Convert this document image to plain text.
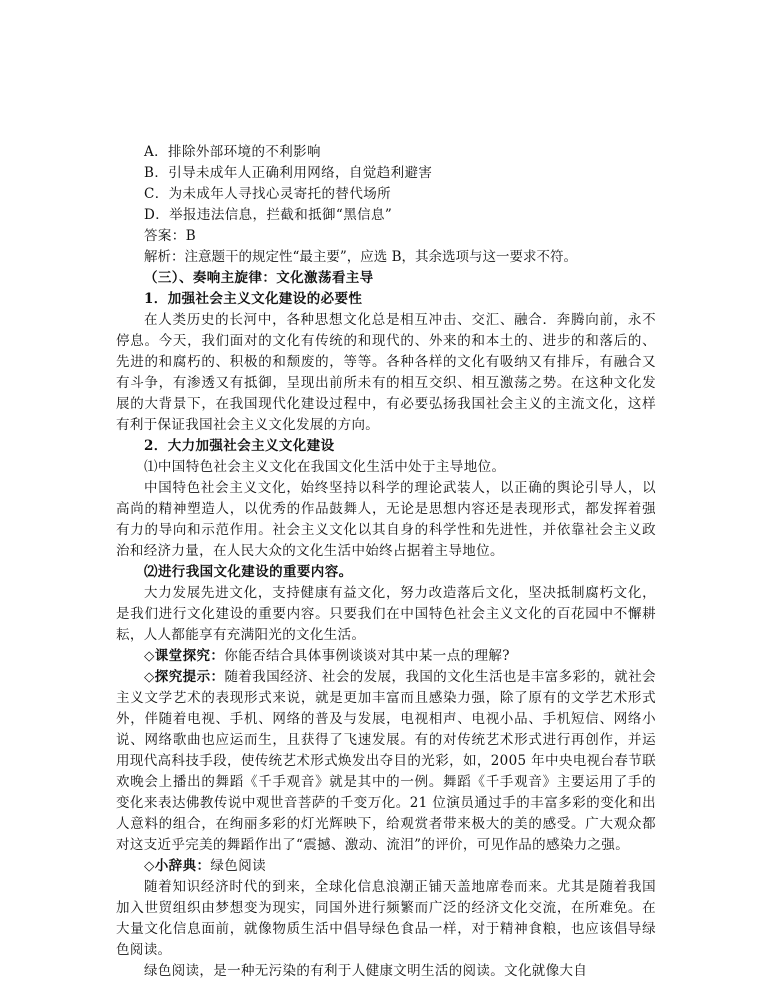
A．排除外部环境的不利影响

B．引导未成年人正确利用网络，自觉趋利避害

C．为未成年人寻找心灵寄托的替代场所

D．举报违法信息，拦截和抵御“黑信息”

答案：B

解析：注意题干的规定性“最主要”，应选 B，其余选项与这一要求不符。

（三）、奏响主旋律：文化激荡看主导

1．加强社会主义文化建设的必要性

在人类历史的长河中，各种思想文化总是相互冲击、交汇、融合．奔腾向前，永不停息。今天，我们面对的文化有传统的和现代的、外来的和本土的、进步的和落后的、先进的和腐朽的、积极的和颓废的，等等。各种各样的文化有吸纳又有排斥，有融合又有斗争，有渗透又有抵御，呈现出前所未有的相互交织、相互激荡之势。在这种文化发展的大背景下，在我国现代化建设过程中，有必要弘扬我国社会主义的主流文化，这样有利于保证我国社会主义文化发展的方向。

2．大力加强社会主义文化建设

⑴中国特色社会主义文化在我国文化生活中处于主导地位。

中国特色社会主义文化，始终坚持以科学的理论武装人，以正确的舆论引导人，以高尚的精神塑造人，以优秀的作品鼓舞人，无论是思想内容还是表现形式，都发挥着强有力的导向和示范作用。社会主义文化以其自身的科学性和先进性，并依靠社会主义政治和经济力量，在人民大众的文化生活中始终占据着主导地位。

⑵进行我国文化建设的重要内容。

大力发展先进文化，支持健康有益文化，努力改造落后文化，坚决抵制腐朽文化，是我们进行文化建设的重要内容。只要我们在中国特色社会主义文化的百花园中不懈耕耘，人人都能享有充满阳光的文化生活。

◇课堂探究：你能否结合具体事例谈谈对其中某一点的理解?

◇探究提示：随着我国经济、社会的发展，我国的文化生活也是丰富多彩的，就社会主义文学艺术的表现形式来说，就是更加丰富而且感染力强，除了原有的文学艺术形式外，伴随着电视、手机、网络的普及与发展，电视相声、电视小品、手机短信、网络小说、网络歌曲也应运而生，且获得了飞速发展。有的对传统艺术形式进行再创作，并运用现代高科技手段，使传统艺术形式焕发出夺目的光彩，如，2005 年中央电视台春节联欢晚会上播出的舞蹈《千手观音》就是其中的一例。舞蹈《千手观音》主要运用了手的变化来表达佛教传说中观世音菩萨的千变万化。21 位演员通过手的丰富多彩的变化和出人意料的组合，在绚丽多彩的灯光辉映下，给观赏者带来极大的美的感受。广大观众都对这支近乎完美的舞蹈作出了“震撼、激动、流泪”的评价，可见作品的感染力之强。

◇小辞典：绿色阅读

随着知识经济时代的到来，全球化信息浪潮正铺天盖地席卷而来。尤其是随着我国加入世贸组织由梦想变为现实，同国外进行频繁而广泛的经济文化交流，在所难免。在大量文化信息面前，就像物质生活中倡导绿色食品一样，对于精神食粮，也应该倡导绿色阅读。

绿色阅读，是一种无污染的有利于人健康文明生活的阅读。文化就像大自
